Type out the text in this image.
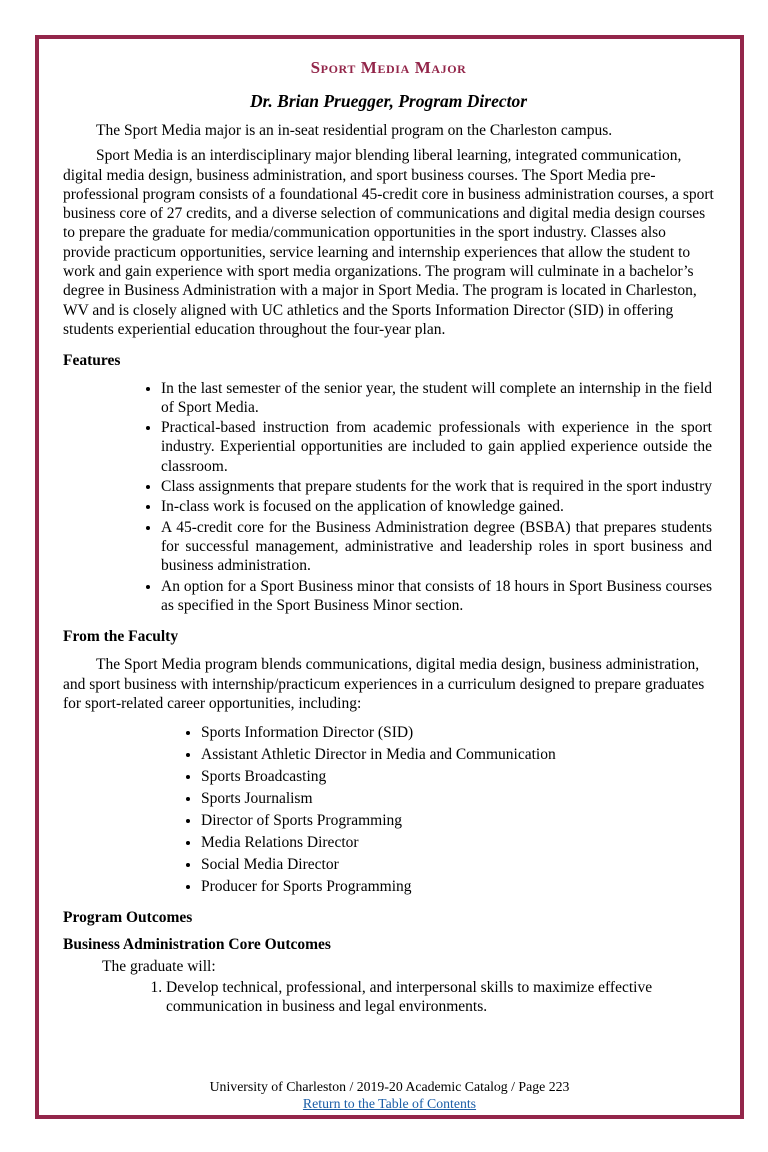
Sport Media Major
Dr. Brian Pruegger, Program Director

The Sport Media major is an in-seat residential program on the Charleston campus.

Sport Media is an interdisciplinary major blending liberal learning, integrated communication, digital media design, business administration, and sport business courses. The Sport Media pre-professional program consists of a foundational 45-credit core in business administration courses, a sport business core of 27 credits, and a diverse selection of communications and digital media design courses to prepare the graduate for media/communication opportunities in the sport industry. Classes also provide practicum opportunities, service learning and internship experiences that allow the student to work and gain experience with sport media organizations. The program will culminate in a bachelor’s degree in Business Administration with a major in Sport Media. The program is located in Charleston, WV and is closely aligned with UC athletics and the Sports Information Director (SID) in offering students experiential education throughout the four-year plan.

Features
• In the last semester of the senior year, the student will complete an internship in the field of Sport Media.
• Practical-based instruction from academic professionals with experience in the sport industry. Experiential opportunities are included to gain applied experience outside the classroom.
• Class assignments that prepare students for the work that is required in the sport industry
• In-class work is focused on the application of knowledge gained.
• A 45-credit core for the Business Administration degree (BSBA) that prepares students for successful management, administrative and leadership roles in sport business and business administration.
• An option for a Sport Business minor that consists of 18 hours in Sport Business courses as specified in the Sport Business Minor section.
From the Faculty

The Sport Media program blends communications, digital media design, business administration, and sport business with internship/practicum experiences in a curriculum designed to prepare graduates for sport-related career opportunities, including:

• Sports Information Director (SID)
• Assistant Athletic Director in Media and Communication
• Sports Broadcasting
• Sports Journalism
• Director of Sports Programming
• Media Relations Director
• Social Media Director
• Producer for Sports Programming
Program Outcomes
Business Administration Core Outcomes

The graduate will:

1. Develop technical, professional, and interpersonal skills to maximize effective communication in business and legal environments.
University of Charleston / 2019-20 Academic Catalog / Page 223
Return to the Table of Contents
